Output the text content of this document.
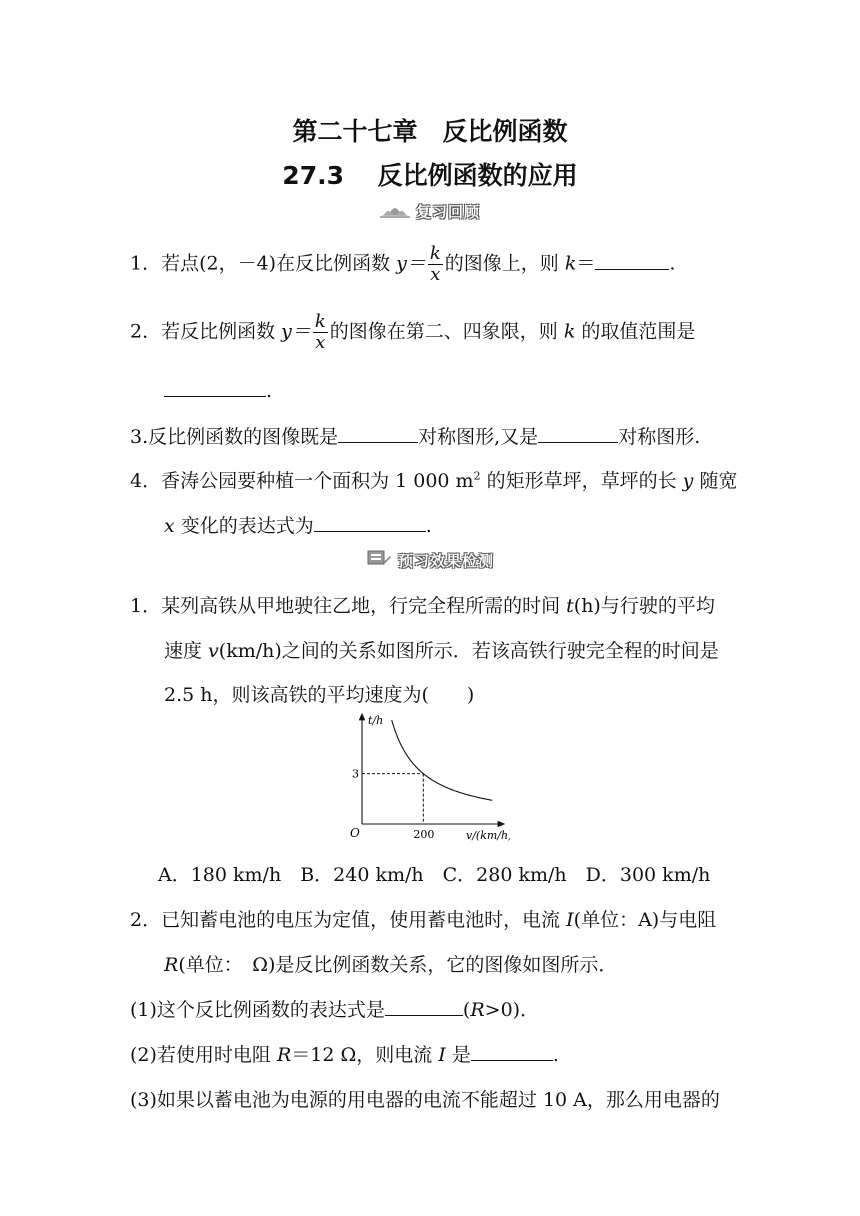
第二十七章　反比例函数
27.3　 反比例函数的应用
复习回顾
1．若点(2，－4)在反比例函数 $y= \frac{k}{x}$ 的图像上，则 k＝	.
2．若反比例函数 $y= \frac{k}{x}$ 的图像在第二、四象限，则 k 的取值范围是
.
3.反比例函数的图像既是	对称图形,又是	对称图形.
4．香涛公园要种植一个面积为 1 000 $m^2$ 的矩形草坪，草坪的长 y 随宽
x 变化的表达式为	.
预习效果检测
1．某列高铁从甲地驶往乙地，行完全程所需的时间 t(h)与行驶的平均
速度 v(km/h)之间的关系如图所示．若该高铁行驶完全程的时间是
2.5 h，则该高铁的平均速度为(　　)
t/h
v/(km/h)
O
3
200
A．180 km/h　B．240 km/h　C．280 km/h　D．300 km/h
2．已知蓄电池的电压为定值，使用蓄电池时，电流 I(单位：A)与电阻
R(单位：　Ω)是反比例函数关系，它的图像如图所示．
(1)这个反比例函数的表达式是	(R>0)．
(2)若使用时电阻 R＝12 Ω，则电流 I 是	.
(3)如果以蓄电池为电源的用电器的电流不能超过 10 A，那么用电器的
